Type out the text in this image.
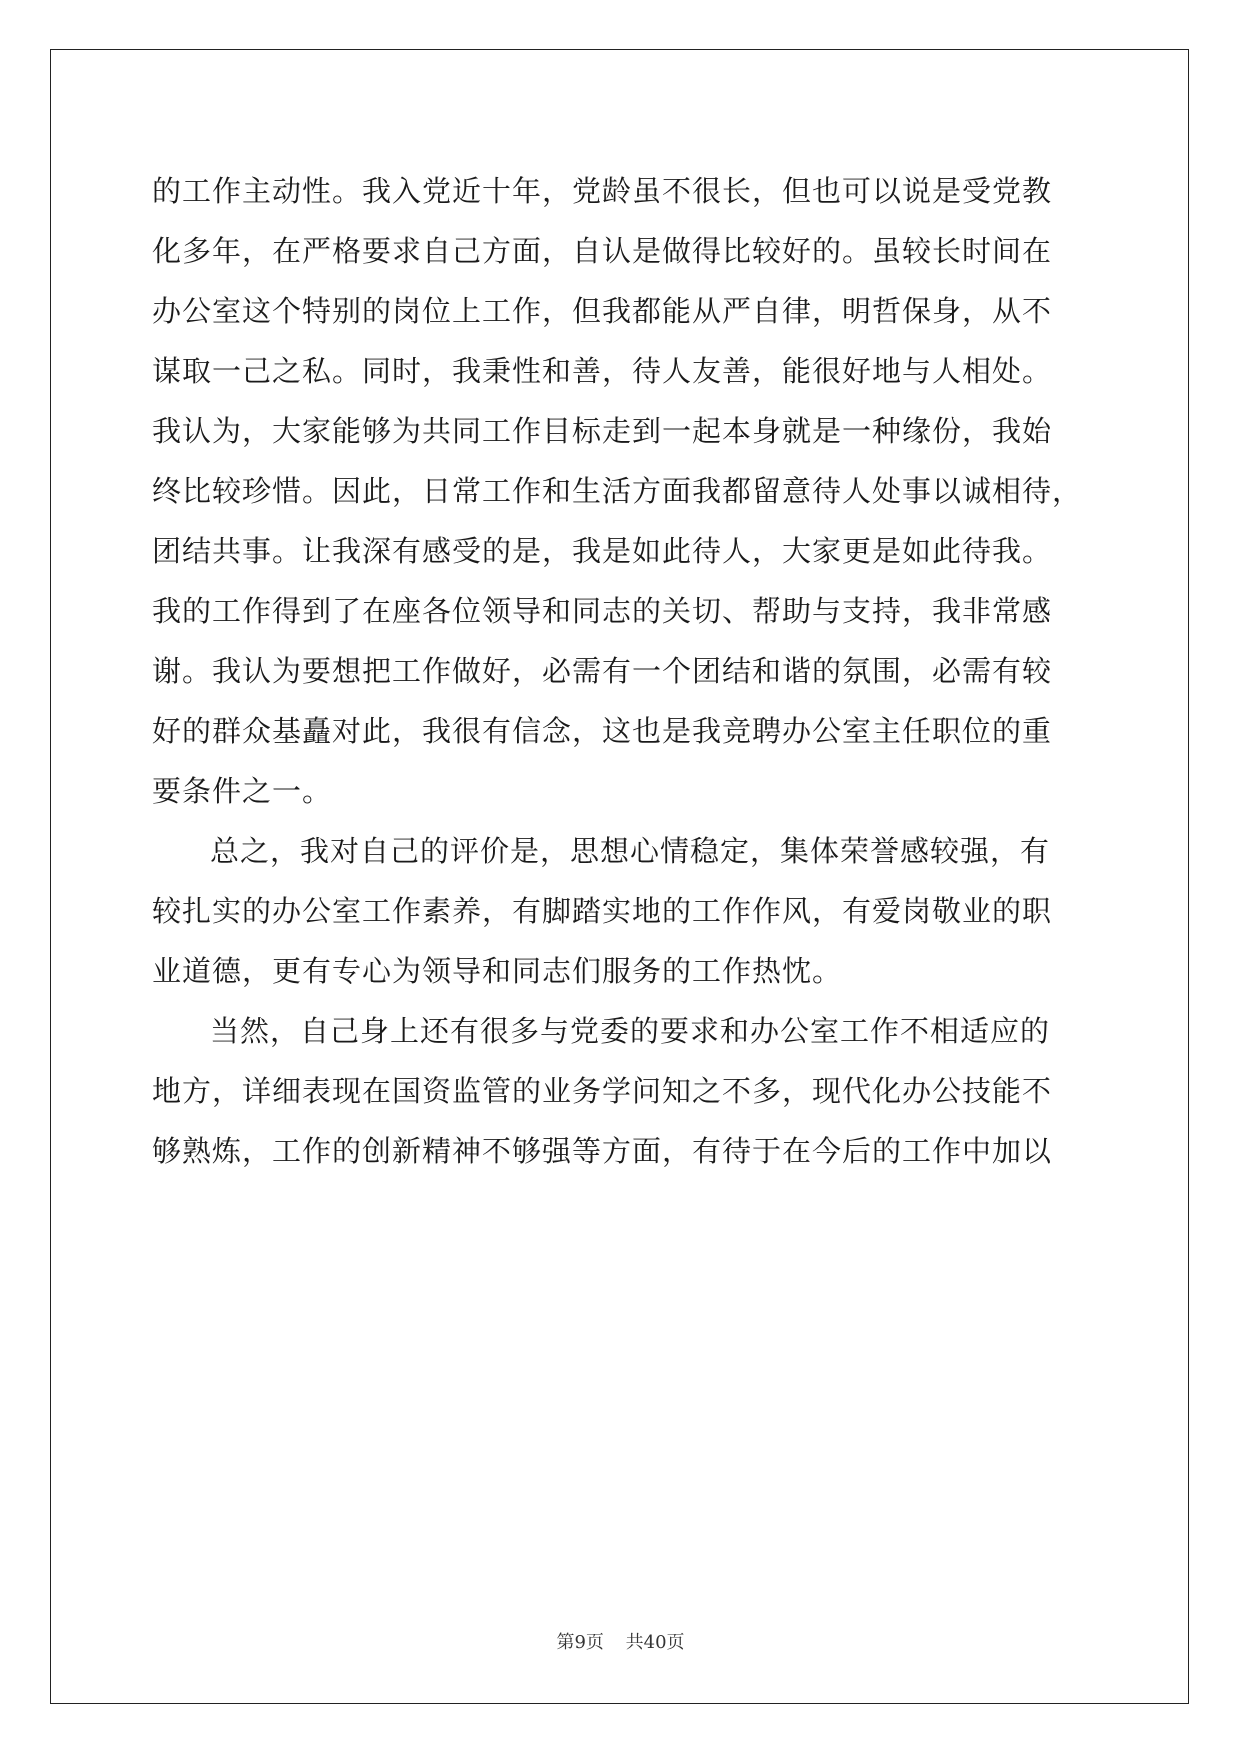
的工作主动性。我入党近十年，党龄虽不很长，但也可以说是受党教
化多年，在严格要求自己方面，自认是做得比较好的。虽较长时间在
办公室这个特别的岗位上工作，但我都能从严自律，明哲保身，从不
谋取一己之私。同时，我秉性和善，待人友善，能很好地与人相处。
我认为，大家能够为共同工作目标走到一起本身就是一种缘份，我始
终比较珍惜。因此，日常工作和生活方面我都留意待人处事以诚相待，
团结共事。让我深有感受的是，我是如此待人，大家更是如此待我。
我的工作得到了在座各位领导和同志的关切、帮助与支持，我非常感
谢。我认为要想把工作做好，必需有一个团结和谐的氛围，必需有较
好的群众基矗对此，我很有信念，这也是我竞聘办公室主任职位的重
要条件之一。
总之，我对自己的评价是，思想心情稳定，集体荣誉感较强，有
较扎实的办公室工作素养，有脚踏实地的工作作风，有爱岗敬业的职
业道德，更有专心为领导和同志们服务的工作热忱。
当然，自己身上还有很多与党委的要求和办公室工作不相适应的
地方，详细表现在国资监管的业务学问知之不多，现代化办公技能不
够熟炼，工作的创新精神不够强等方面，有待于在今后的工作中加以
第9页 共40页
